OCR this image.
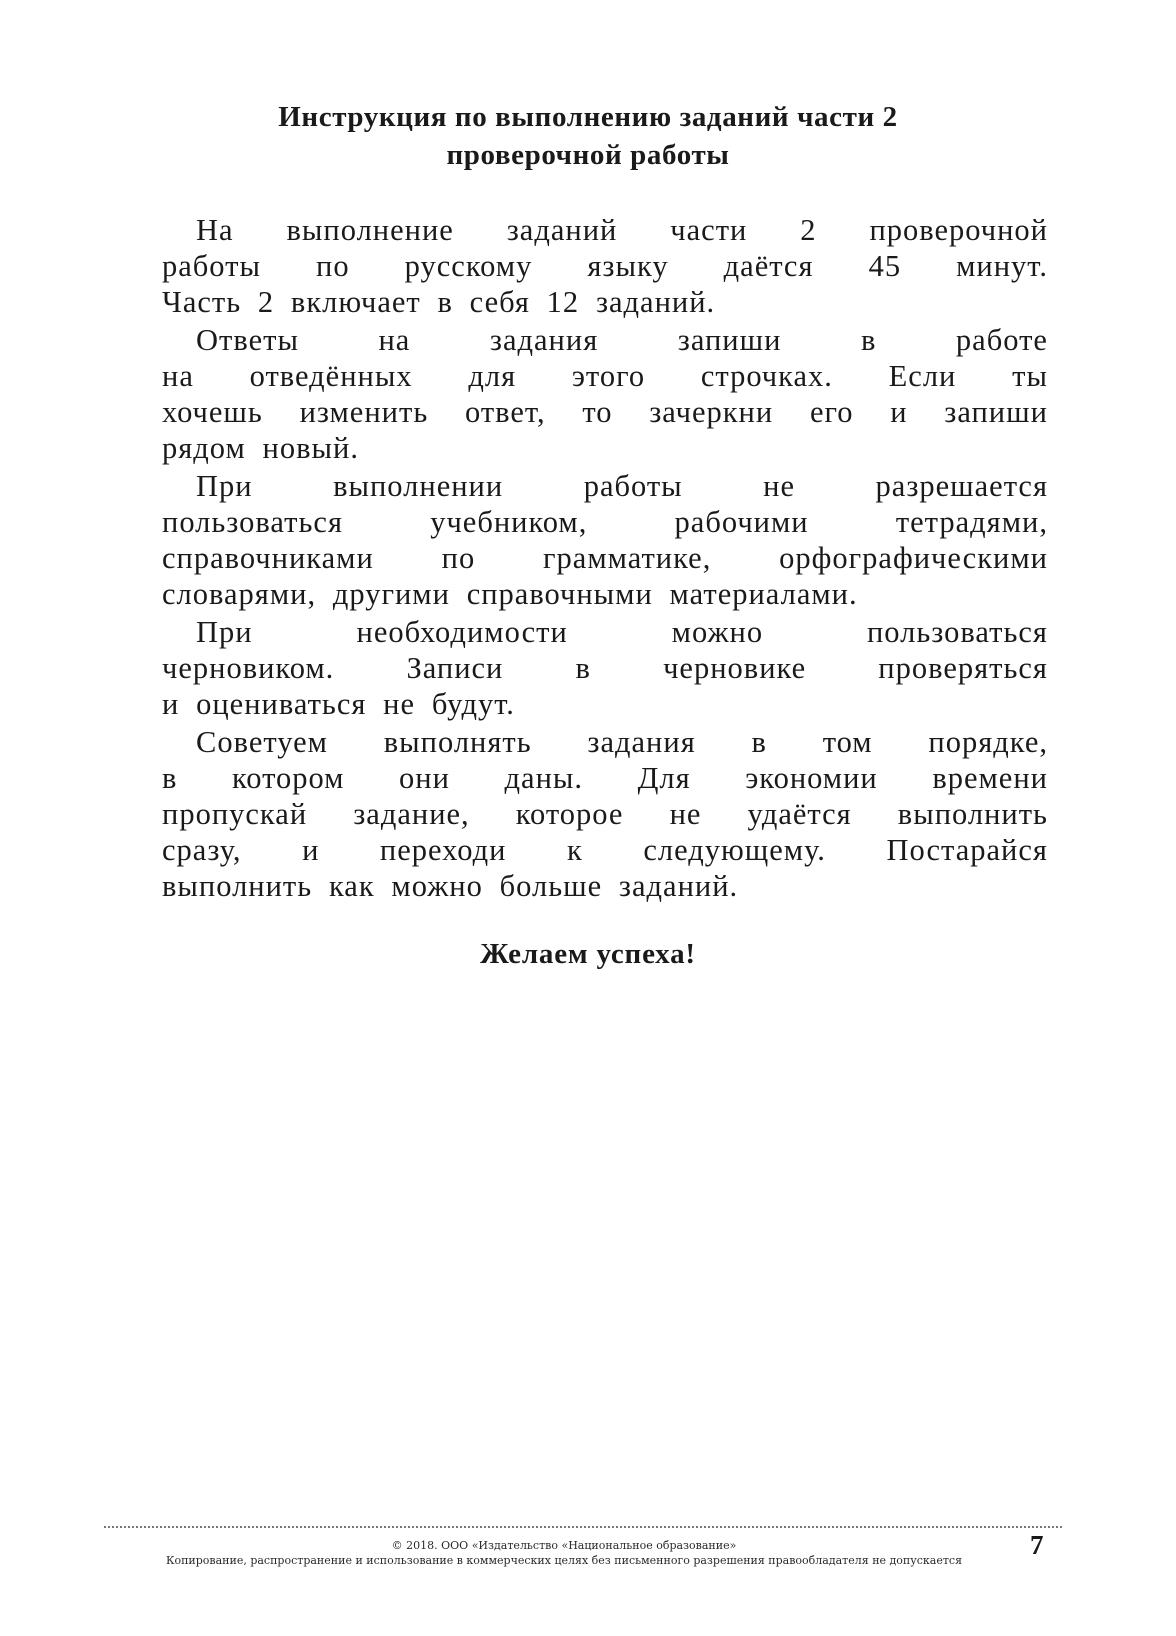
Инструкция по выполнению заданий части 2
проверочной работы
На выполнение заданий части 2 проверочной
работы по русскому языку даётся 45 минут.
Часть 2 включает в себя 12 заданий.
Ответы	на	задания	запиши	в	работе
на отведённых для этого строчках. Если ты
хочешь изменить ответ, то зачеркни его и запиши
рядом новый.
При	выполнении	работы	не	разрешается
пользоваться	учебником,	рабочими	тетрадями,
справочниками по грамматике, орфографическими
словарями, другими справочными материалами.
При	необходимости	можно	пользоваться
черновиком. Записи в черновике проверяться
и оцениваться не будут.
Советуем выполнять задания в том порядке,
в котором они даны. Для экономии времени
пропускай задание, которое не удаётся выполнить
сразу, и переходи к следующему. Постарайся
выполнить как можно больше заданий.
Желаем успеха!
© 2018. ООО «Издательство «Национальное образование»
Копирование, распространение и использование в коммерческих целях без письменного разрешения правообладателя не допускается
7
